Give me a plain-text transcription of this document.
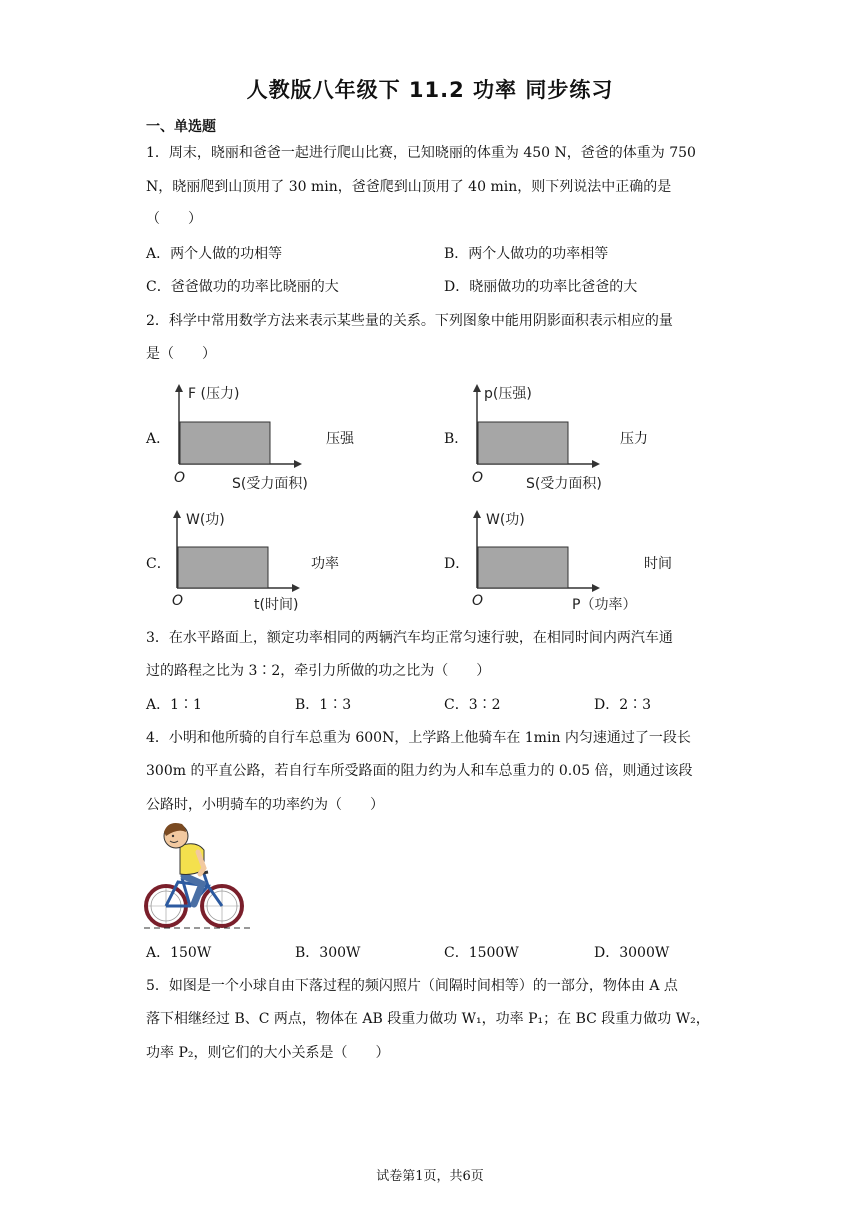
人教版八年级下 11.2 功率 同步练习
一、单选题
1．周末，晓丽和爸爸一起进行爬山比赛，已知晓丽的体重为 450 N，爸爸的体重为 750
N，晓丽爬到山顶用了 30 min，爸爸爬到山顶用了 40 min，则下列说法中正确的是
（　　）
A．两个人做的功相等	B．两个人做功的功率相等
C．爸爸做功的功率比晓丽的大	D．晓丽做功的功率比爸爸的大
2．科学中常用数学方法来表示某些量的关系。下列图象中能用阴影面积表示相应的量
是（　　）
A．
F (压力)
S(受力面积)
O
压强	B．
p(压强)
S(受力面积)
O
压力
C．
W(功)
t(时间)
O
功率	D．
W(功)
P（功率）
O
时间
3．在水平路面上，额定功率相同的两辆汽车均正常匀速行驶，在相同时间内两汽车通
过的路程之比为 3∶2，牵引力所做的功之比为（　　）
A．1∶1	B．1∶3	C．3∶2	D．2∶3
4．小明和他所骑的自行车总重为 600N，上学路上他骑车在 1min 内匀速通过了一段长
300m 的平直公路，若自行车所受路面的阻力约为人和车总重力的 0.05 倍，则通过该段
公路时，小明骑车的功率约为（　　）
A．150W	B．300W	C．1500W	D．3000W
5．如图是一个小球自由下落过程的频闪照片（间隔时间相等）的一部分，物体由 A 点
落下相继经过 B、C 两点，物体在 AB 段重力做功 W₁，功率 P₁；在 BC 段重力做功 W₂，
功率 P₂，则它们的大小关系是（　　）
试卷第1页，共6页
